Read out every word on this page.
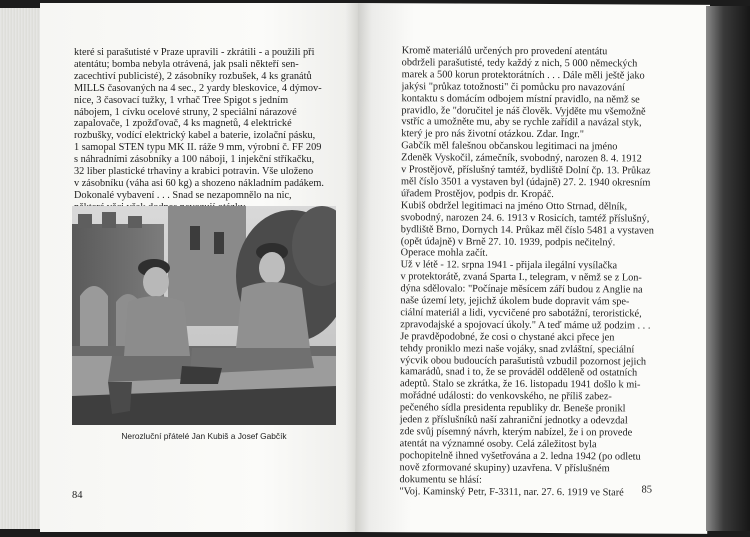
které si parašutisté v Praze upravili - zkrátili - a použili při
atentátu; bomba nebyla otrávená, jak psali někteří sen-
zacechtiví publicisté), 2 zásobníky rozbušek, 4 ks granátů
MILLS časovaných na 4 sec., 2 yardy bleskovice, 4 dýmov-
nice, 3 časovací tužky, 1 vrhač Tree Spigot s jedním
nábojem, 1 cívku ocelové struny, 2 speciální nárazové
zapalovače, 1 zpožďovač, 4 ks magnetů, 4 elektrické
rozbušky, vodící elektrický kabel a baterie, izolační pásku,
1 samopal STEN typu MK II. ráže 9 mm, výrobní č. FF 209
s náhradními zásobníky a 100 náboji, 1 injekční stříkačku,
32 liber plastické trhaviny a krabici potravin. Vše uloženo
v zásobníku (váha asi 60 kg) a shozeno nákladním padákem.
Dokonalé vybavení . . . Snad se nezapomnělo na nic,
Nerozluční přátelé Jan Kubiš a Josef Gabčík
84
Kromě materiálů určených pro provedení atentátu
obdrželi parašutisté, tedy každý z nich, 5 000 německých
marek a 500 korun protektorátních . . . Dále měli ještě jako
jakýsi "průkaz totožnosti" či pomůcku pro navazování
kontaktu s domácím odbojem místní pravidlo, na němž se
pravidlo, že "doručitel je náš člověk. Vyjděte mu všemožně
vstříc a umožněte mu, aby se rychle zařídil a navázal styk,
který je pro nás životní otázkou. Zdar. Ingr."
Gabčík měl falešnou občanskou legitimaci na jméno
Zdeněk Vyskočil, zámečník, svobodný, narozen 8. 4. 1912
v Prostějově, příslušný tamtéž, bydliště Dolní čp. 13. Průkaz
měl číslo 3501 a vystaven byl (údajně) 27. 2. 1940 okresním
úřadem Prostějov, podpis dr. Kropáč.
Kubiš obdržel legitimaci na jméno Otto Strnad, dělník,
svobodný, narozen 24. 6. 1913 v Rosicích, tamtéž příslušný,
bydliště Brno, Dornych 14. Průkaz měl číslo 5481 a vystaven
(opět údajně) v Brně 27. 10. 1939, podpis nečitelný.
Operace mohla začít.
Už v létě - 12. srpna 1941 - přijala ilegální vysílačka
v protektorátě, zvaná Sparta I., telegram, v němž se z Lon-
dýna sdělovalo: "Počínaje měsícem září budou z Anglie na
naše území lety, jejichž úkolem bude dopravit vám spe-
ciální materiál a lidi, vycvičené pro sabotážní, teroristické,
zpravodajské a spojovací úkoly." A teď máme už podzim . . .
Je pravděpodobné, že cosi o chystané akci přece jen
tehdy proniklo mezi naše vojáky, snad zvláštní, speciální
výcvik obou budoucích parašutistů vzbudil pozornost jejich
kamarádů, snad i to, že se prováděl odděleně od ostatních
adeptů. Stalo se zkrátka, že 16. listopadu 1941 došlo k mi-
mořádné události: do venkovského, ne příliš zabez-
pečeného sídla presidenta republiky dr. Beneše pronikl
jeden z příslušníků naší zahraniční jednotky a odevzdal
zde svůj písemný návrh, kterým nabízel, že i on provede
atentát na významné osoby. Celá záležitost byla
pochopitelně ihned vyšetřována a 2. ledna 1942 (po odletu
nově zformované skupiny) uzavřena. V příslušném
dokumentu se hlásí:
"Voj. Kaminský Petr, F-3311, nar. 27. 6. 1919 ve Staré	85
